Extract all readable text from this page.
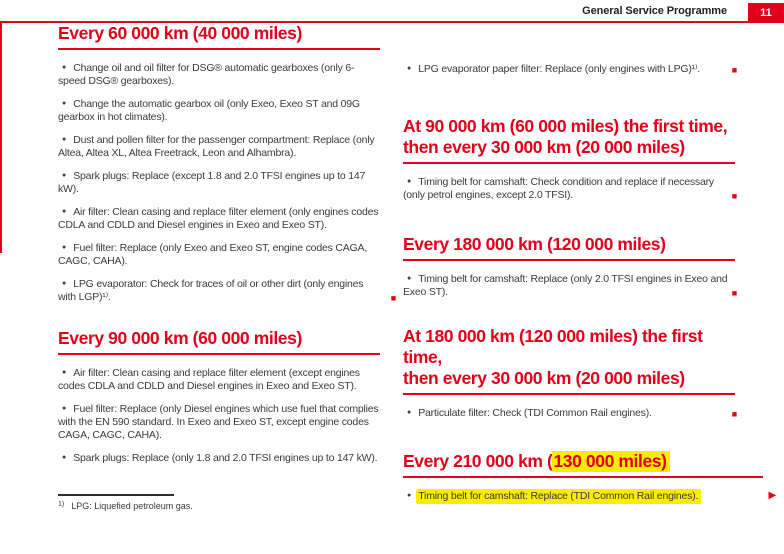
General Service Programme	11
Every 60 000 km (40 000 miles)

● Change oil and oil filter for DSG® automatic gearboxes (only 6-speed DSG® gearboxes).

● Change the automatic gearbox oil (only Exeo, Exeo ST and 09G gearbox in hot climates).

● Dust and pollen filter for the passenger compartment: Replace (only Altea, Altea XL, Altea Freetrack, Leon and Alhambra).

● Spark plugs: Replace (except 1.8 and 2.0 TFSI engines up to 147 kW).

● Air filter: Clean casing and replace filter element (only engines codes CDLA and CDLD and Diesel engines in Exeo and Exeo ST).

● Fuel filter: Replace (only Exeo and Exeo ST, engine codes CAGA, CAGC, CAHA).

● LPG evaporator: Check for traces of oil or other dirt (only engines with LGP)¹⁾.	■

Every 90 000 km (60 000 miles)

● Air filter: Clean casing and replace filter element (except engines codes CDLA and CDLD and Diesel engines in Exeo and Exeo ST).

● Fuel filter: Replace (only Diesel engines which use fuel that complies with the EN 590 standard. In Exeo and Exeo ST, except engine codes CAGA, CAGC, CAHA).

● Spark plugs: Replace (only 1.8 and 2.0 TFSI engines up to 147 kW).

● LPG evaporator paper filter: Replace (only engines with LPG)¹⁾.	■

At 90 000 km (60 000 miles) the first time,
then every 30 000 km (20 000 miles)

● Timing belt for camshaft: Check condition and replace if necessary (only petrol engines, except 2.0 TFSI).	■

Every 180 000 km (120 000 miles)

● Timing belt for camshaft: Replace (only 2.0 TFSI engines in Exeo and Exeo ST).	■

At 180 000 km (120 000 miles) the first time,
then every 30 000 km (20 000 miles)

● Particulate filter: Check (TDI Common Rail engines).	■

Every 210 000 km (130 000 miles)

● Timing belt for camshaft: Replace (TDI Common Rail engines).	▶

$^{1)}$ LPG: Liquefied petroleum gas.
